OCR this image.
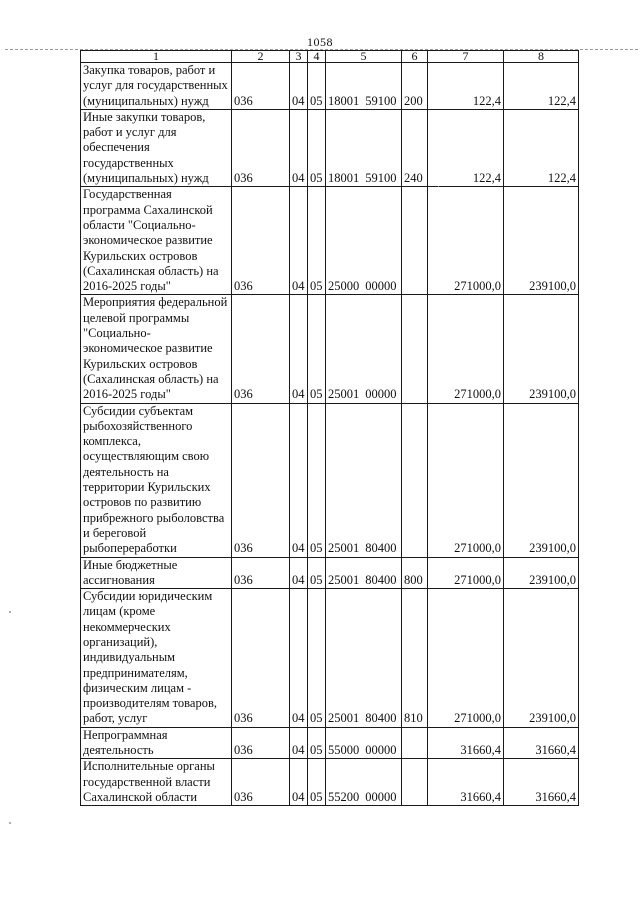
1058
1	2	3	4	5	6	7	8
Закупка товаров, работ и услуг для государственных (муниципальных) нужд	036	04	05	18001 59100	200	122,4	122,4
Иные закупки товаров, работ и услуг для обеспечения государственных (муниципальных) нужд	036	04	05	18001 59100	240	122,4	122,4
Государственная программа Сахалинской области "Социально-экономическое развитие Курильских островов (Сахалинская область) на 2016-2025 годы"	036	04	05	25000 00000		271000,0	239100,0
Мероприятия федеральной целевой программы "Социально-экономическое развитие Курильских островов (Сахалинская область) на 2016-2025 годы"	036	04	05	25001 00000		271000,0	239100,0
Субсидии субъектам рыбохозяйственного комплекса, осуществляющим свою деятельность на территории Курильских островов по развитию прибрежного рыболовства и береговой рыбопереработки	036	04	05	25001 80400		271000,0	239100,0
Иные бюджетные ассигнования	036	04	05	25001 80400	800	271000,0	239100,0
Субсидии юридическим лицам (кроме некоммерческих организаций), индивидуальным предпринимателям, физическим лицам - производителям товаров, работ, услуг	036	04	05	25001 80400	810	271000,0	239100,0
Непрограммная деятельность	036	04	05	55000 00000		31660,4	31660,4
Исполнительные органы государственной власти Сахалинской области	036	04	05	55200 00000		31660,4	31660,4
